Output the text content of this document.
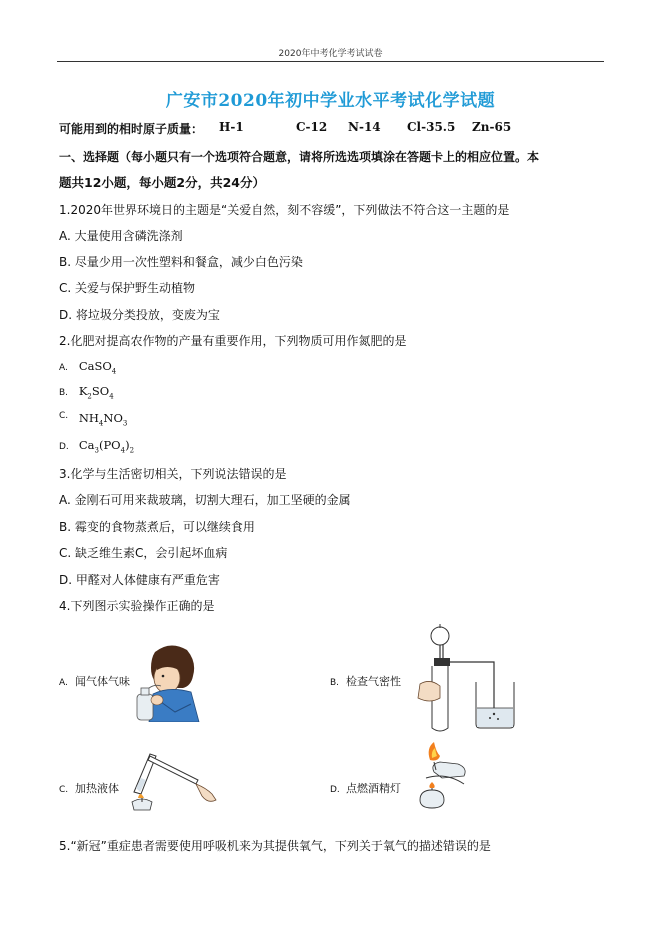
2020年中考化学考试试卷
广安市2020年初中学业水平考试化学试题
可能用到的相时原子质量： H-1	C-12 N-14 Cl-35.5 Zn-65
一、选择题（每小题只有一个选项符合题意，请将所选选项填涂在答题卡上的相应位置。本
题共12小题，每小题2分，共24分）
1.2020年世界环境日的主题是“关爱自然，刻不容缓”，下列做法不符合这一主题的是
A. 大量使用含磷洗涤剂
B. 尽量少用一次性塑料和餐盒，减少白色污染
C. 关爱与保护野生动植物
D. 将垃圾分类投放，变废为宝
2.化肥对提高农作物的产量有重要作用，下列物质可用作氮肥的是
A. CaSO$_4$
B. $K_2SO_4$
C. $NH_4NO_3$
D. $Ca_3(PO_4)_2$
3.化学与生活密切相关，下列说法错误的是
A. 金刚石可用来裁玻璃，切割大理石，加工坚硬的金属
B. 霉变的食物蒸煮后，可以继续食用
C. 缺乏维生素C，会引起坏血病
D. 甲醛对人体健康有严重危害
4.下列图示实验操作正确的是
A. 闻气体气味	B. 检查气密性
C. 加热液体	D. 点燃酒精灯
5.“新冠”重症患者需要使用呼吸机来为其提供氧气，下列关于氧气的描述错误的是
